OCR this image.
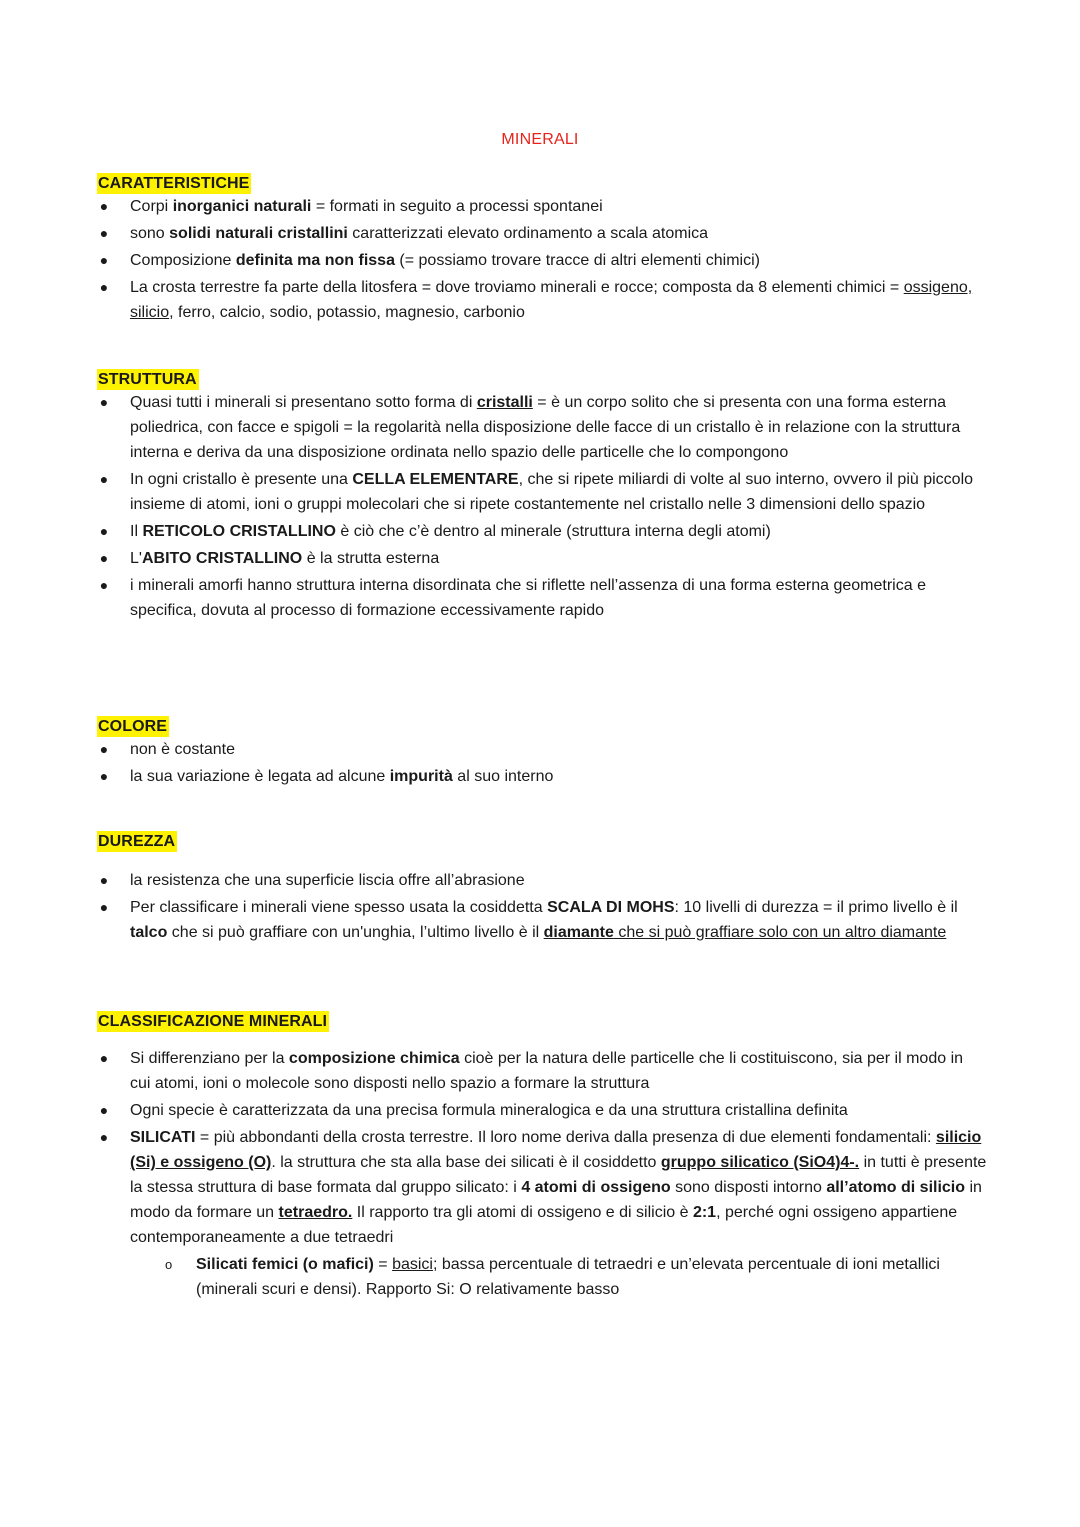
MINERALI
CARATTERISTICHE
● Corpi inorganici naturali = formati in seguito a processi spontanei
● sono solidi naturali cristallini caratterizzati elevato ordinamento a scala atomica
● Composizione definita ma non fissa (= possiamo trovare tracce di altri elementi chimici)
● La crosta terrestre fa parte della litosfera = dove troviamo minerali e rocce; composta da 8 elementi chimici = ossigeno, silicio, ferro, calcio, sodio, potassio, magnesio, carbonio
STRUTTURA
● Quasi tutti i minerali si presentano sotto forma di cristalli = è un corpo solito che si presenta con una forma esterna poliedrica, con facce e spigoli = la regolarità nella disposizione delle facce di un cristallo è in relazione con la struttura interna e deriva da una disposizione ordinata nello spazio delle particelle che lo compongono
● In ogni cristallo è presente una CELLA ELEMENTARE, che si ripete miliardi di volte al suo interno, ovvero il più piccolo insieme di atomi, ioni o gruppi molecolari che si ripete costantemente nel cristallo nelle 3 dimensioni dello spazio
● Il RETICOLO CRISTALLINO è ciò che c’è dentro al minerale (struttura interna degli atomi)
● L'ABITO CRISTALLINO è la strutta esterna
● i minerali amorfi hanno struttura interna disordinata che si riflette nell’assenza di una forma esterna geometrica e specifica, dovuta al processo di formazione eccessivamente rapido
COLORE
● non è costante
● la sua variazione è legata ad alcune impurità al suo interno
DUREZZA
● la resistenza che una superficie liscia offre all’abrasione
● Per classificare i minerali viene spesso usata la cosiddetta SCALA DI MOHS: 10 livelli di durezza = il primo livello è il talco che si può graffiare con un'unghia, l’ultimo livello è il diamante che si può graffiare solo con un altro diamante
CLASSIFICAZIONE MINERALI
● Si differenziano per la composizione chimica cioè per la natura delle particelle che li costituiscono, sia per il modo in cui atomi, ioni o molecole sono disposti nello spazio a formare la struttura
● Ogni specie è caratterizzata da una precisa formula mineralogica e da una struttura cristallina definita
● SILICATI = più abbondanti della crosta terrestre. Il loro nome deriva dalla presenza di due elementi fondamentali: silicio (Si) e ossigeno (O). la struttura che sta alla base dei silicati è il cosiddetto gruppo silicatico (SiO4)4-. in tutti è presente la stessa struttura di base formata dal gruppo silicato: i 4 atomi di ossigeno sono disposti intorno all’atomo di silicio in modo da formare un tetraedro. Il rapporto tra gli atomi di ossigeno e di silicio è 2:1, perché ogni ossigeno appartiene contemporaneamente a due tetraedri
o Silicati femici (o mafici) = basici; bassa percentuale di tetraedri e un’elevata percentuale di ioni metallici (minerali scuri e densi). Rapporto Si: O relativamente basso
